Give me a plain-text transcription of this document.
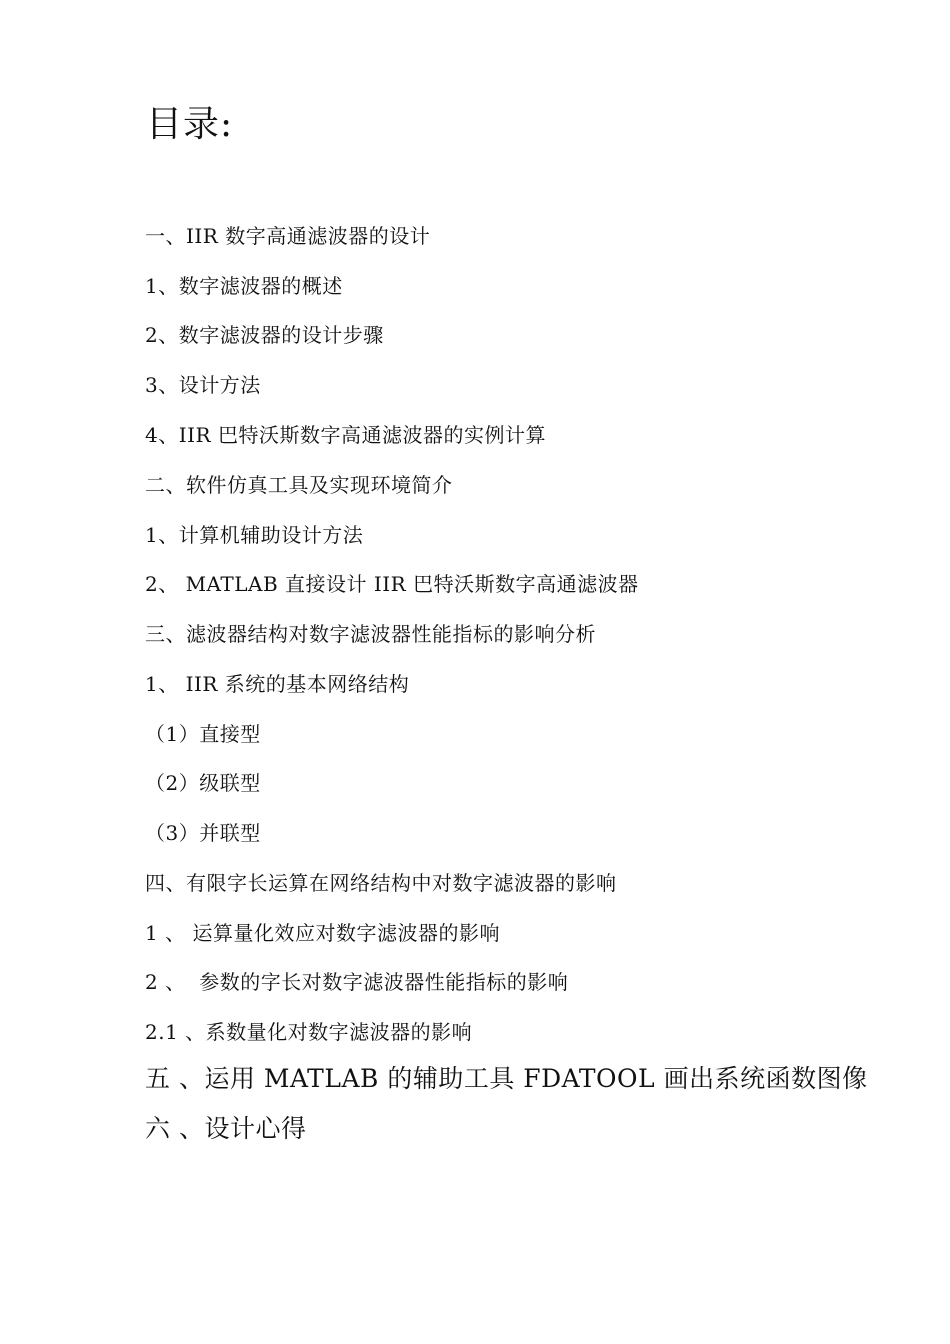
目录:
一、IIR 数字高通滤波器的设计
1、数字滤波器的概述
2、数字滤波器的设计步骤
3、设计方法
4、IIR 巴特沃斯数字高通滤波器的实例计算
二、软件仿真工具及实现环境简介
1、计算机辅助设计方法
2、 MATLAB 直接设计 IIR 巴特沃斯数字高通滤波器
三、滤波器结构对数字滤波器性能指标的影响分析
1、 IIR 系统的基本网络结构
（1）直接型
（2）级联型
（3）并联型
四、有限字长运算在网络结构中对数字滤波器的影响
1 、 运算量化效应对数字滤波器的影响
2 、  参数的字长对数字滤波器性能指标的影响
2.1 、系数量化对数字滤波器的影响
五 、运用 MATLAB 的辅助工具 FDATOOL 画出系统函数图像
六 、设计心得
